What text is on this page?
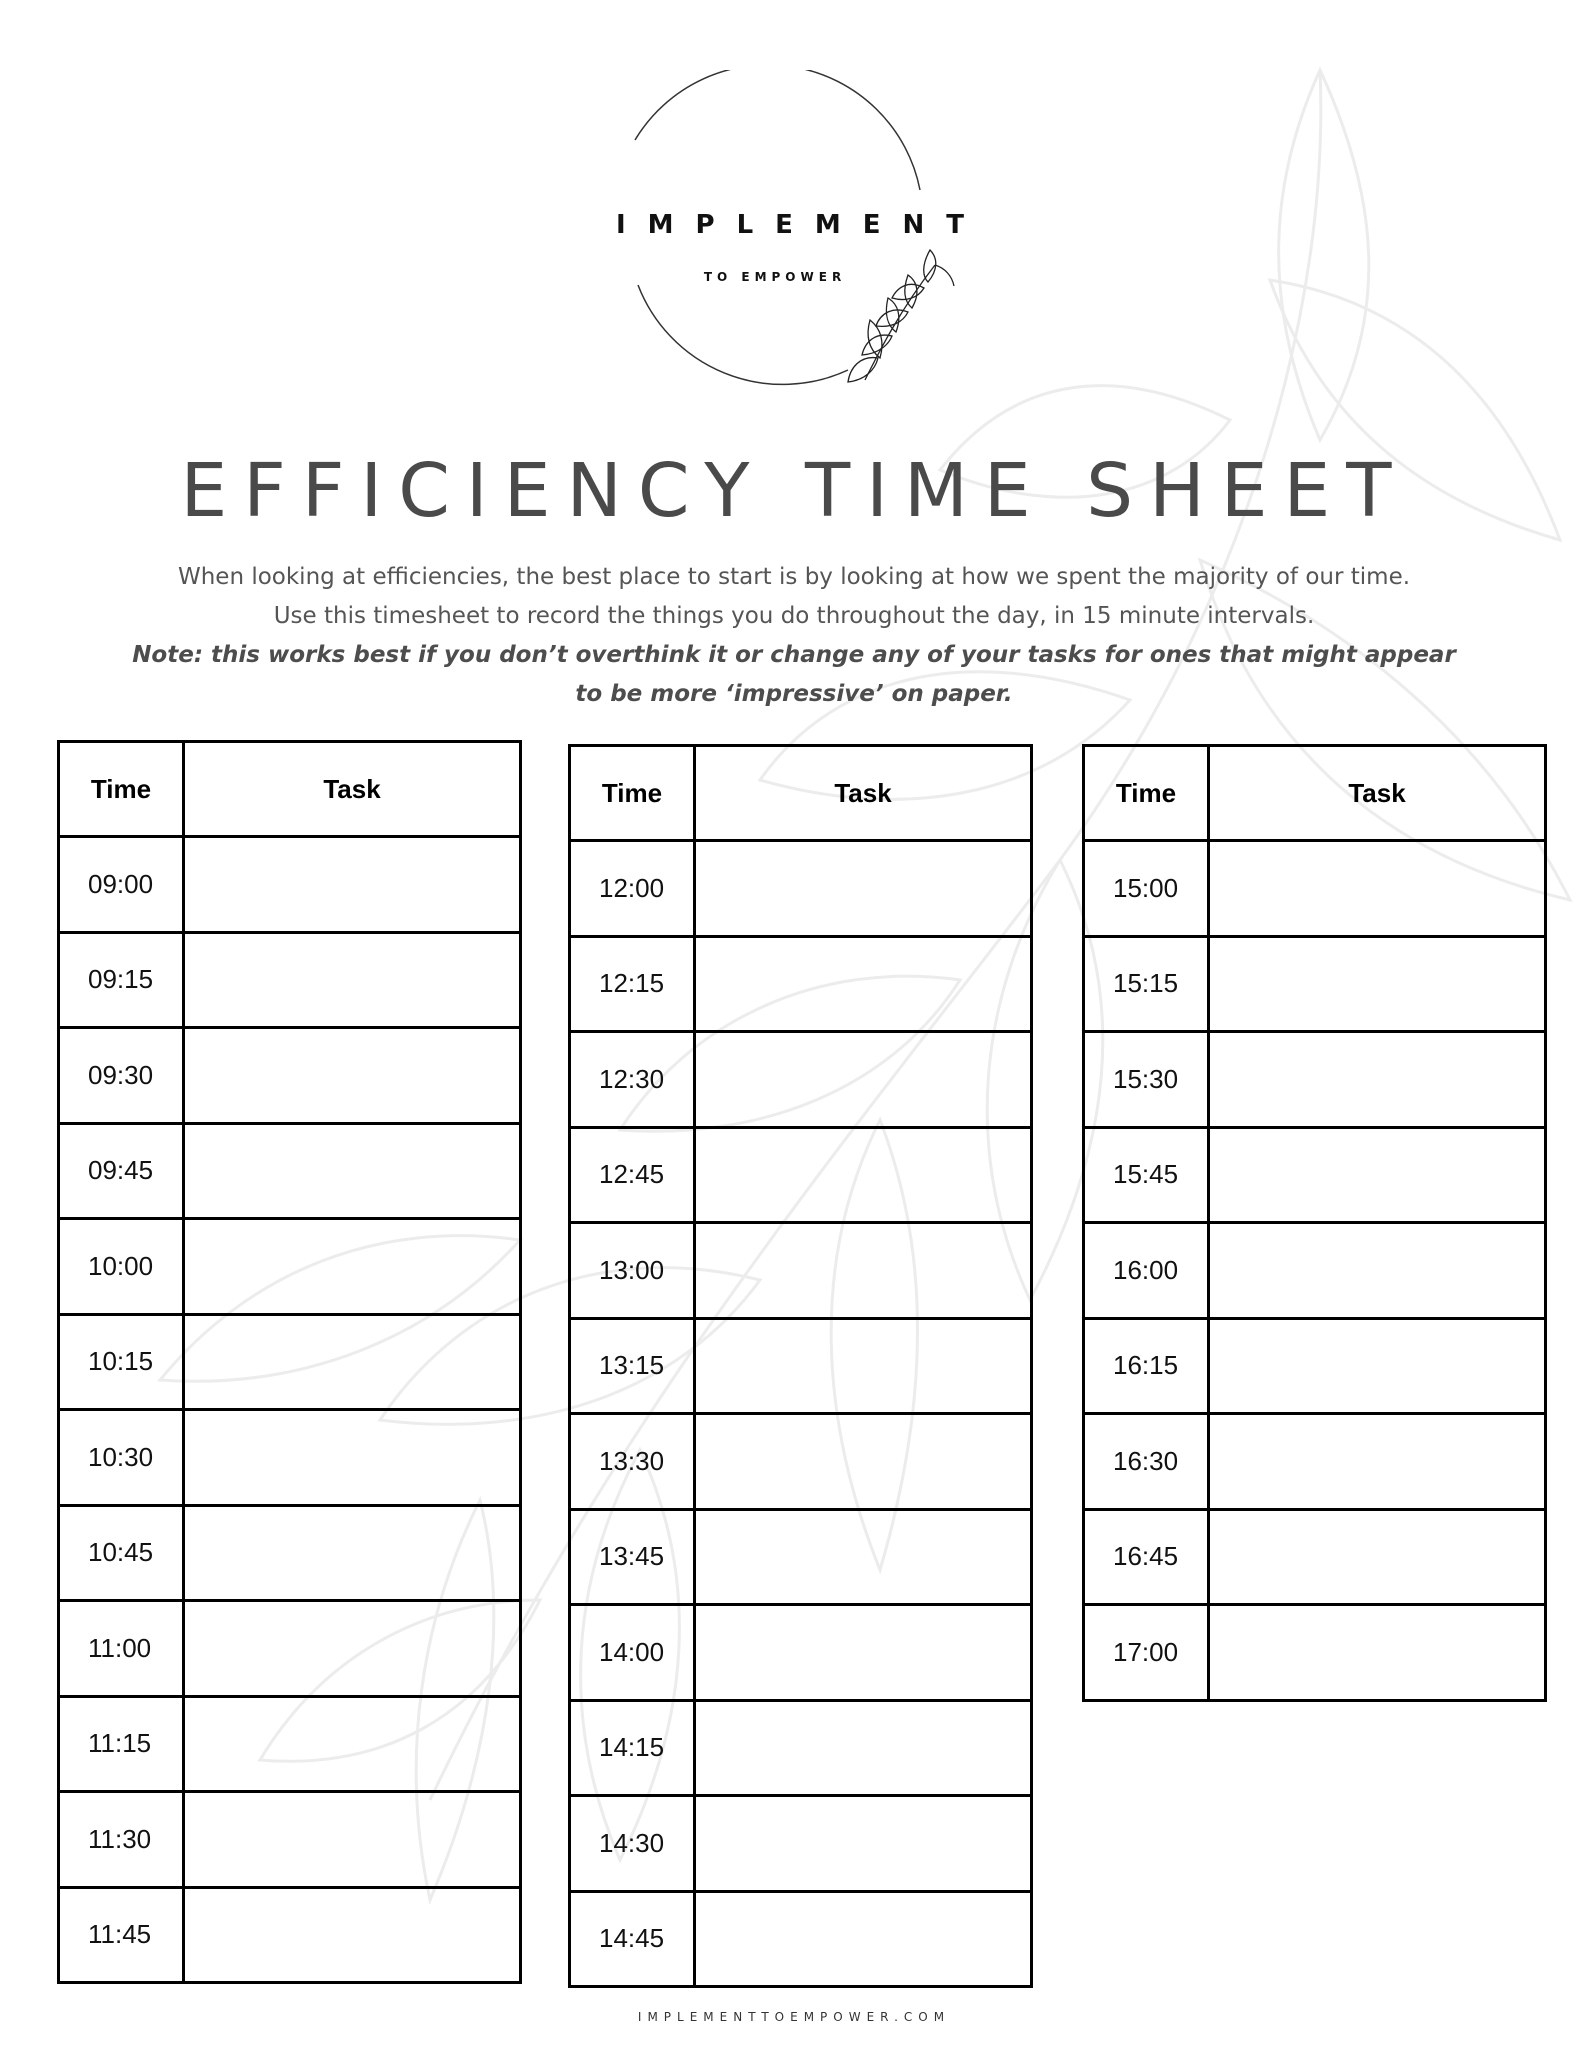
IMPLEMENT
TO EMPOWER
EFFICIENCY TIME SHEET

When looking at efficiencies, the best place to start is by looking at how we spent the majority of our time.

Use this timesheet to record the things you do throughout the day, in 15 minute intervals.

Note: this works best if you don’t overthink it or change any of your tasks for ones that might appear

to be more ‘impressive’ on paper.

Time	Task
09:00	
09:15	
09:30	
09:45	
10:00	
10:15	
10:30	
10:45	
11:00	
11:15	
11:30	
11:45	
Time	Task
12:00	
12:15	
12:30	
12:45	
13:00	
13:15	
13:30	
13:45	
14:00	
14:15	
14:30	
14:45	
Time	Task
15:00	
15:15	
15:30	
15:45	
16:00	
16:15	
16:30	
16:45	
17:00	
IMPLEMENTTOEMPOWER.COM
